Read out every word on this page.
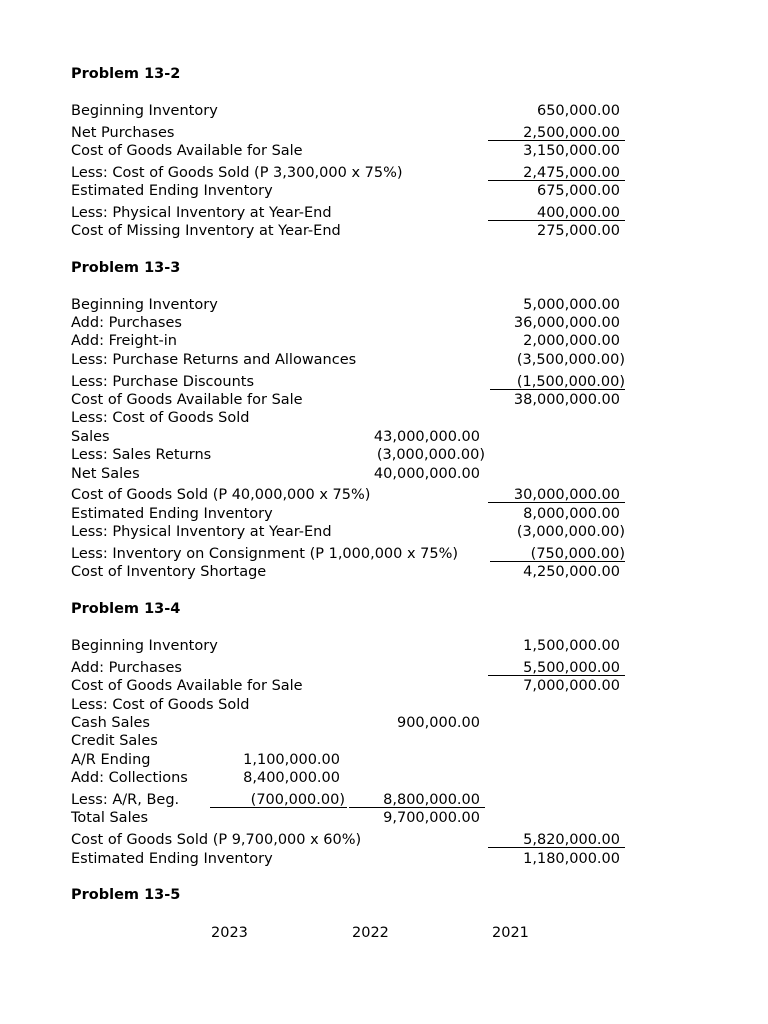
Problem 13-2
Beginning Inventory	650,000.00
Net Purchases	2,500,000.00
Cost of Goods Available for Sale	3,150,000.00
Less: Cost of Goods Sold (P 3,300,000 x 75%)	2,475,000.00
Estimated Ending Inventory	675,000.00
Less: Physical Inventory at Year-End	400,000.00
Cost of Missing Inventory at Year-End	275,000.00
Problem 13-3
Beginning Inventory	5,000,000.00
Add: Purchases	36,000,000.00
Add: Freight-in	2,000,000.00
Less: Purchase Returns and Allowances	(3,500,000.00)
Less: Purchase Discounts	(1,500,000.00)
Cost of Goods Available for Sale	38,000,000.00
Less: Cost of Goods Sold
Sales	43,000,000.00
Less: Sales Returns	(3,000,000.00)
Net Sales	40,000,000.00
Cost of Goods Sold (P 40,000,000 x 75%)	30,000,000.00
Estimated Ending Inventory	8,000,000.00
Less: Physical Inventory at Year-End	(3,000,000.00)
Less: Inventory on Consignment (P 1,000,000 x 75%)	(750,000.00)
Cost of Inventory Shortage	4,250,000.00
Problem 13-4
Beginning Inventory	1,500,000.00
Add: Purchases	5,500,000.00
Cost of Goods Available for Sale	7,000,000.00
Less: Cost of Goods Sold
Cash Sales	900,000.00
Credit Sales
A/R Ending	1,100,000.00
Add: Collections	8,400,000.00
Less: A/R, Beg.	(700,000.00)	8,800,000.00
Total Sales	9,700,000.00
Cost of Goods Sold (P 9,700,000 x 60%)	5,820,000.00
Estimated Ending Inventory	1,180,000.00
Problem 13-5
2023	2022	2021
